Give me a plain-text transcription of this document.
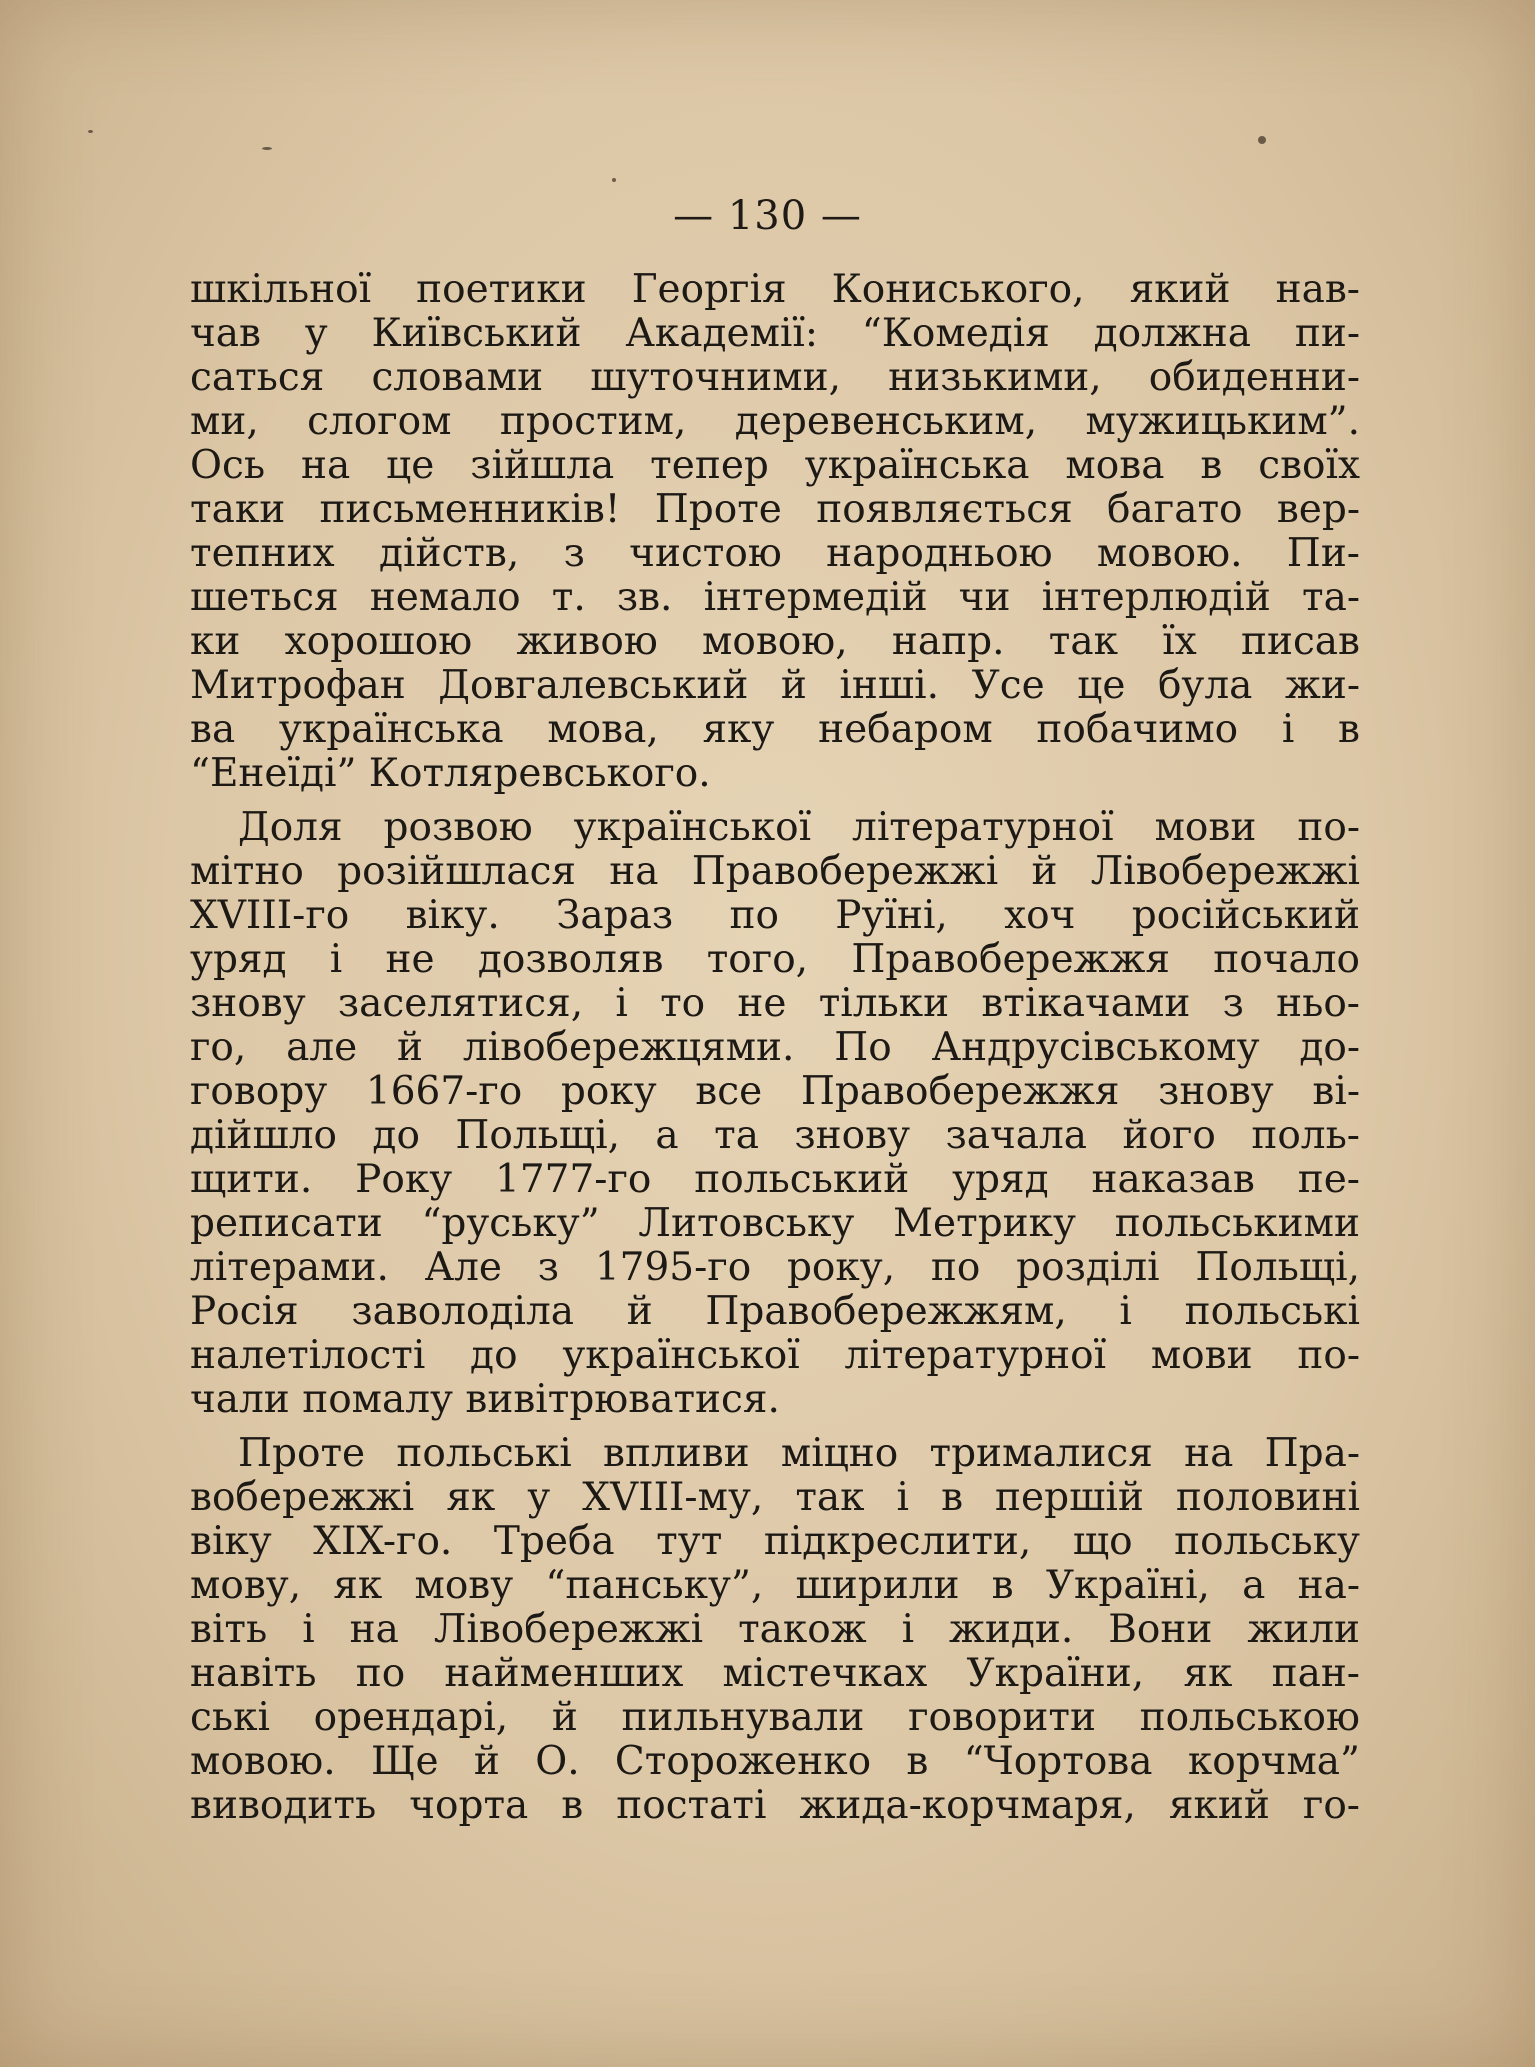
— 130 —
шкільної поетики Георгія Кониського, який нав-
чав у Київський Академії: “Комедія должна пи-
саться словами шуточними, низькими, обиденни-
ми, слогом простим, деревенським, мужицьким”.
Ось на це зійшла тепер українська мова в своїх
таки письменників! Проте появляється багато вер-
тепних дійств, з чистою народньою мовою. Пи-
шеться немало т. зв. інтермедій чи інтерлюдій та-
ки хорошою живою мовою, напр. так їх писав
Митрофан Довгалевський й інші. Усе це була жи-
ва українська мова, яку небаром побачимо і в
“Енеїді” Котляревського.
Доля розвою української літературної мови по-
мітно розійшлася на Правобережжі й Лівобережжі
XVIII-го віку. Зараз по Руїні, хоч російський
уряд і не дозволяв того, Правобережжя почало
знову заселятися, і то не тільки втікачами з ньо-
го, але й лівобережцями. По Андрусівському до-
говору 1667-го року все Правобережжя знову ві-
дійшло до Польщі, а та знову зачала його поль-
щити. Року 1777-го польський уряд наказав пе-
реписати “руську” Литовську Метрику польськими
літерами. Але з 1795-го року, по розділі Польщі,
Росія заволоділа й Правобережжям, і польські
налетілості до української літературної мови по-
чали помалу вивітрюватися.
Проте польські впливи міцно трималися на Пра-
вобережжі як у XVIII-му, так і в першій половині
віку XIX-го. Треба тут підкреслити, що польську
мову, як мову “панську”, ширили в Україні, а на-
віть і на Лівобережжі також і жиди. Вони жили
навіть по найменших містечках України, як пан-
ські орендарі, й пильнували говорити польською
мовою. Ще й О. Стороженко в “Чортова корчма”
виводить чорта в постаті жида-корчмаря, який го-
